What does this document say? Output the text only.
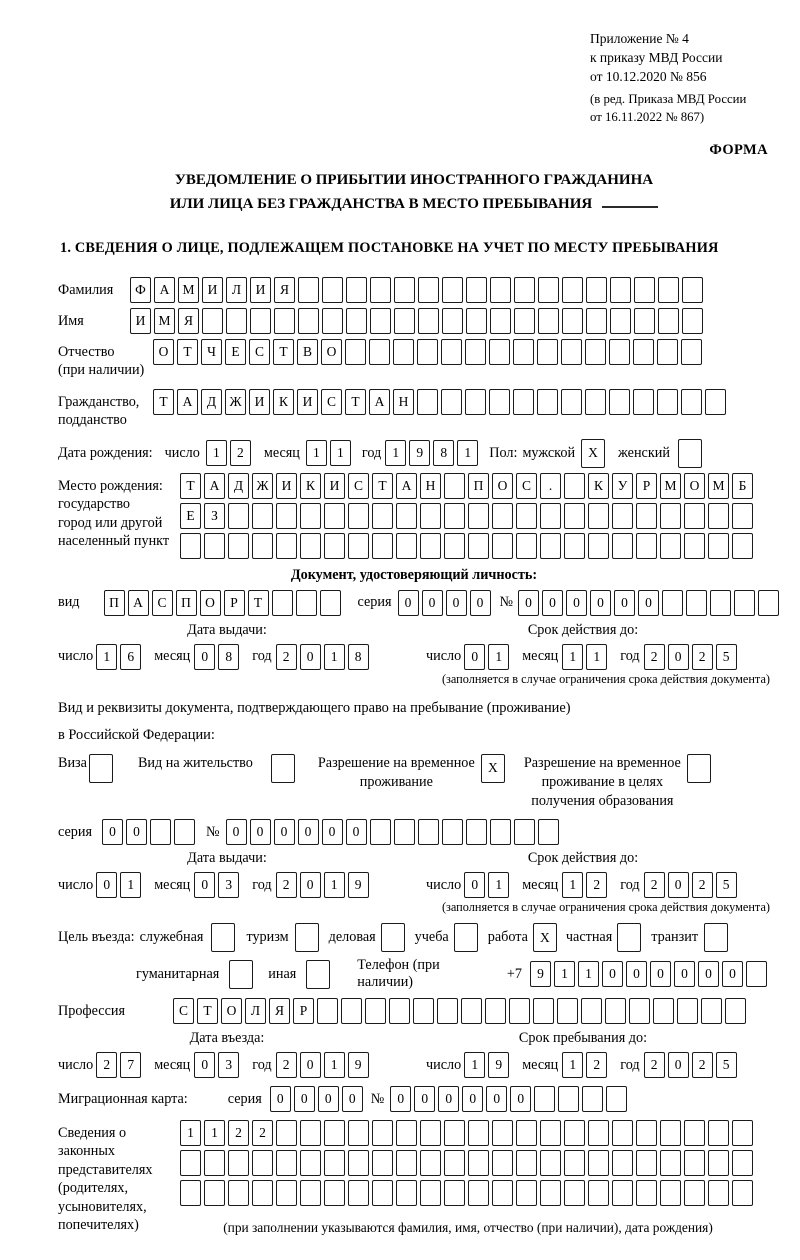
Приложение № 4
к приказу МВД России
от 10.12.2020 № 856
(в ред. Приказа МВД России
от 16.11.2022 № 867)
ФОРМА
УВЕДОМЛЕНИЕ О ПРИБЫТИИ ИНОСТРАННОГО ГРАЖДАНИНА
ИЛИ ЛИЦА БЕЗ ГРАЖДАНСТВА В МЕСТО ПРЕБЫВАНИЯ
1. СВЕДЕНИЯ О ЛИЦЕ, ПОДЛЕЖАЩЕМ ПОСТАНОВКЕ НА УЧЕТ ПО МЕСТУ ПРЕБЫВАНИЯ
Фамилия	Ф	А М И	Л	И	Я
Имя	И М Я
Отчество
(при наличии)
О	Т	Ч	Е	С	Т	В	О
Гражданство,
подданство
Т	А	Д Ж И	К	И	С	Т	А	Н
Дата рождения: число 1	2	месяц 1	1	год 1	9	8	1	Пол: мужской X	женский
Место рождения:
государство
город или другой
населенный пункт
Т	А	Д Ж И	К	И	С	Т	А	Н	П	О	С	.	К	У	Р	М О М	Б
Е	З
Документ, удостоверяющий личность:
вид	П	А	С	П	О	Р	Т	серия 0	0	0	0	№ 0	0	0	0	0	0
Дата выдачи:	Срок действия до:
число 1	6	месяц 0	8	год 2	0	1	8	число 0	1	месяц 1	1	год 2	0	2	5
(заполняется в случае ограничения срока действия документа)
Вид и реквизиты документа, подтверждающего право на пребывание (проживание)
в Российской Федерации:
Виза	Вид на жительство	Разрешение на временное
проживание
X	Разрешение на временное
проживание в целях
получения образования
серия	0	0	№ 0	0	0	0	0	0
Дата выдачи:	Срок действия до:
число 0	1	месяц 0	3	год 2	0	1	9	число 0	1	месяц 1	2	год 2	0	2	5
(заполняется в случае ограничения срока действия документа)
Цель въезда: служебная	туризм	деловая	учеба	работа X	частная	транзит
гуманитарная	иная
Телефон (при наличии)
+7	9	1	1	0	0	0	0	0	0
Профессия	С	Т	О	Л	Я	Р
Дата въезда:	Срок пребывания до:
число 2	7	месяц 0	3	год 2	0	1	9	число 1	9	месяц 1	2	год 2	0	2	5
Миграционная карта:	серия	0	0	0	0	№ 0	0	0	0	0	0
Сведения о
законных
представителях
(родителях,
усыновителях,
попечителях)
1	1	2	2
(при заполнении указываются фамилия, имя, отчество (при наличии), дата рождения)
